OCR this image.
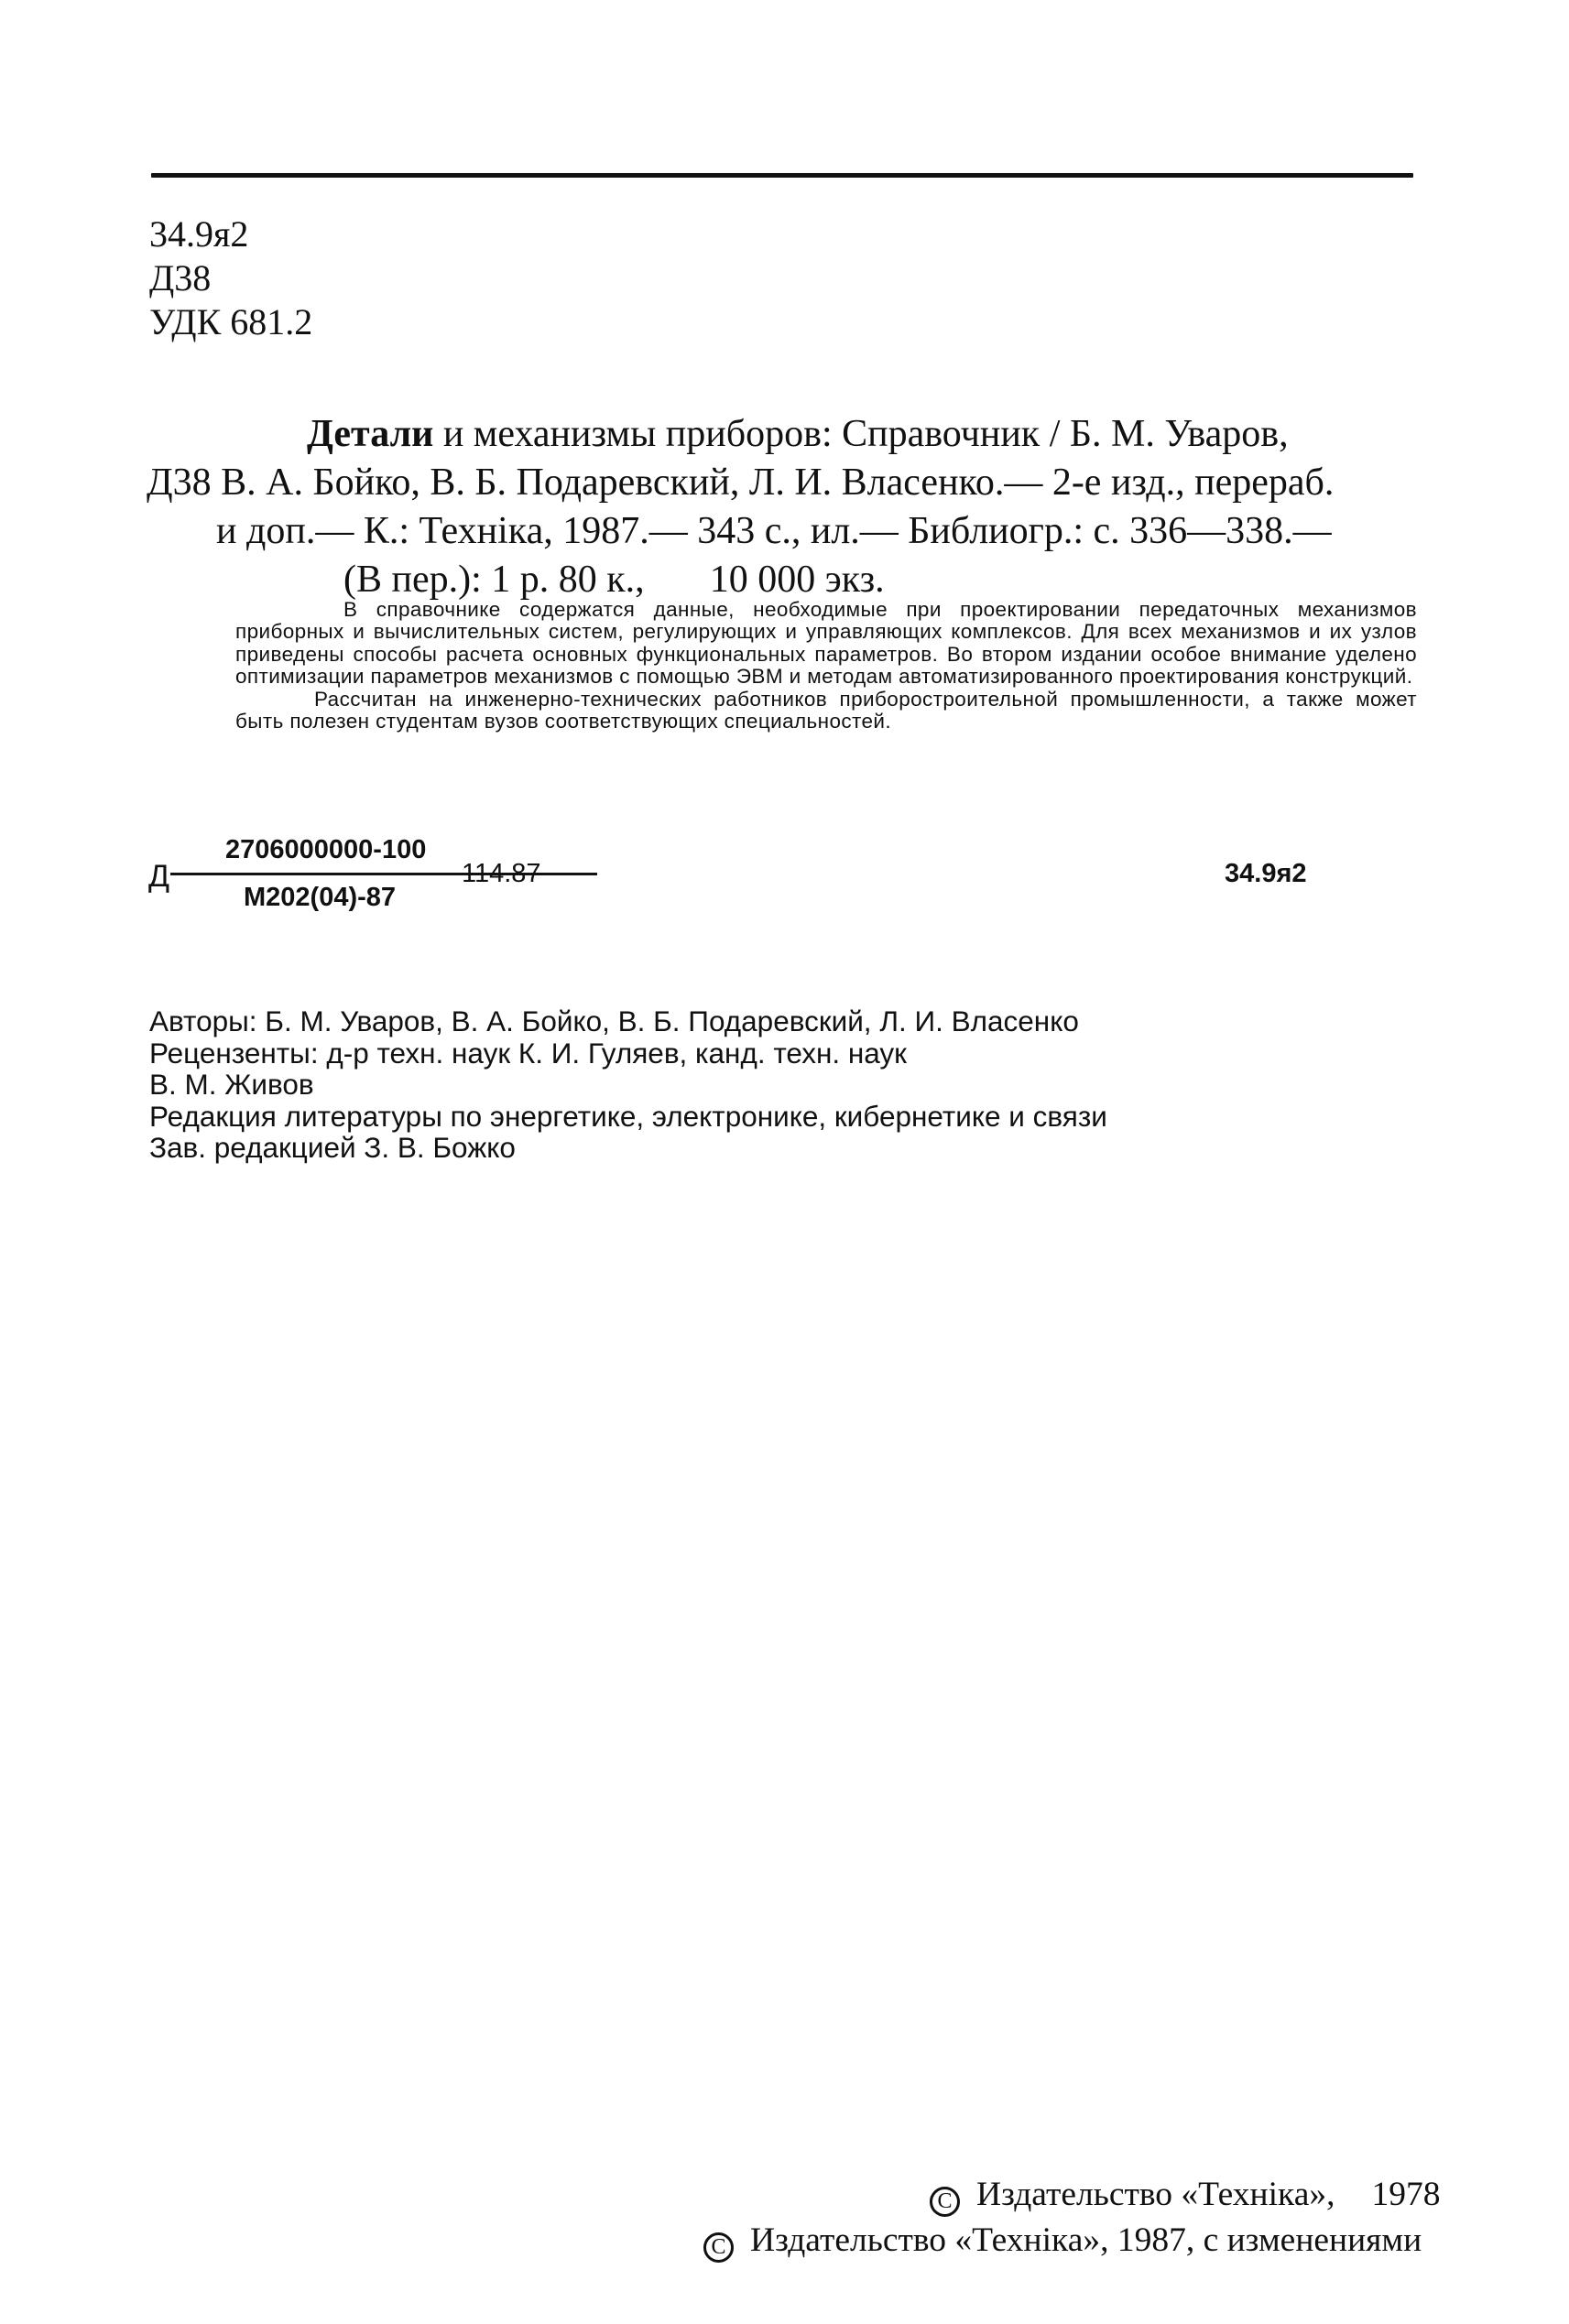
34.9я2
Д38
УДК 681.2
Детали и механизмы приборов: Справочник / Б. М. Уваров,
Д38 В. А. Бойко, В. Б. Подаревский, Л. И. Власенко.— 2-е изд., перераб.
и доп.— К.: Техніка, 1987.— 343 с., ил.— Библиогр.: с. 336—338.—
(В пер.): 1 р. 80 к., 10 000 экз.

В справочнике содержатся данные, необходимые при проектировании передаточных механизмов приборных и вычислительных систем, регулирующих и управляющих комплексов. Для всех механизмов и их узлов приведены способы расчета основных функциональных параметров. Во втором издании особое внимание уделено оптимизации параметров механизмов с помощью ЭВМ и методам автоматизированного проектирования конструкций.

Рассчитан на инженерно-технических работников приборостроительной промышленности, а также может быть полезен студентам вузов соответствующих специальностей.

Д
2706000000-100
М202(04)-87
114.87	34.9я2
Авторы: Б. М. Уваров, В. А. Бойко, В. Б. Подаревский, Л. И. Власенко
Рецензенты: д-р техн. наук К. И. Гуляев, канд. техн. наук
В. М. Живов
Редакция литературы по энергетике, электронике, кибернетике и связи
Зав. редакцией З. В. Божко
C Издательство «Техніка», 1978
C Издательство «Техніка», 1987, с изменениями
